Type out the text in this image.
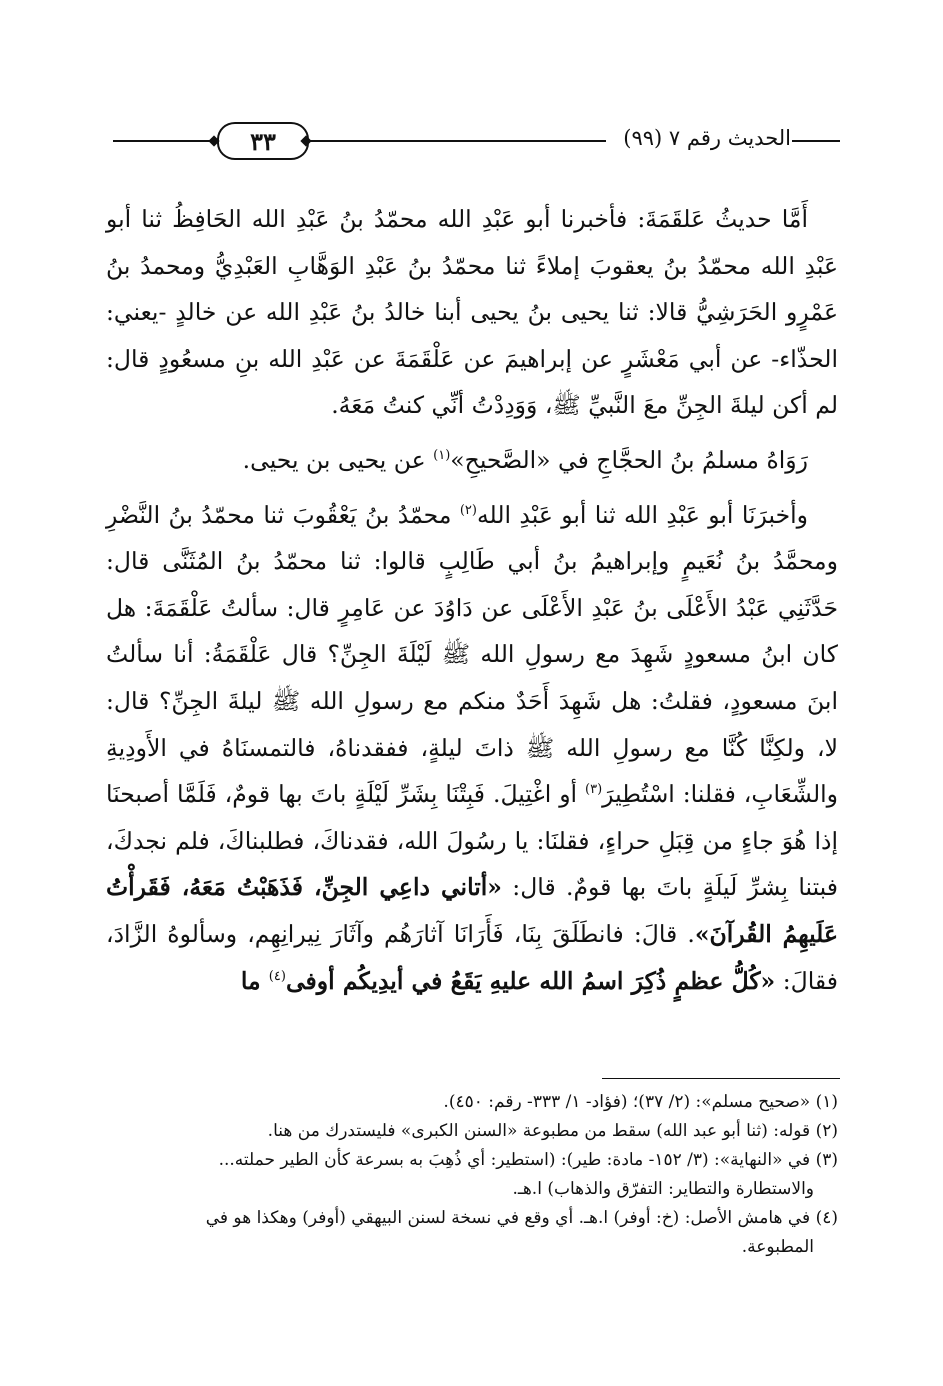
٣٣	الحديث رقم ٧ (٩٩)

أَمَّا حديثُ عَلقَمَةَ: فأخبرنا أبو عَبْدِ الله محمّدُ بنُ عَبْدِ الله الحَافِظُ ثنا أبو عَبْدِ الله محمّدُ بنُ يعقوبَ إملاءً ثنا محمّدُ بنُ عَبْدِ الوَهَّابِ العَبْدِيُّ ومحمدُ بنُ عَمْرٍو الحَرَشِيُّ قالا: ثنا يحيى بنُ يحيى أبنا خالدُ بنُ عَبْدِ الله عن خالدٍ -يعني: الحذّاء- عن أبي مَعْشَرٍ عن إبراهيمَ عن عَلْقَمَةَ عن عَبْدِ الله بنِ مسعُودٍ قال: لم أكن ليلةَ الجِنِّ معَ النَّبيِّ ﷺ، وَوَدِدْتُ أنِّي كنتُ مَعَهُ.

رَوَاهُ مسلمُ بنُ الحجَّاجِ في «الصَّحيحِ»$^{(١)}$ عن يحيى بن يحيى.

وأخبرَنَا أبو عَبْدِ الله ثنا أبو عَبْدِ الله$^{(٢)}$ محمّدُ بنُ يَعْقُوبَ ثنا محمّدُ بنُ النَّضْرِ ومحمَّدُ بنُ نُعَيمٍ وإبراهيمُ بنُ أبي طَالِبٍ قالوا: ثنا محمّدُ بنُ المُثَنَّى قال: حَدَّثَنِي عَبْدُ الأَعْلَى بنُ عَبْدِ الأَعْلَى عن دَاوُدَ عن عَامِرٍ قال: سألتُ عَلْقَمَةَ: هل كان ابنُ مسعودٍ شَهِدَ مع رسولِ الله ﷺ لَيْلَةَ الجِنِّ؟ قال عَلْقَمَةُ: أنا سألتُ ابنَ مسعودٍ، فقلتُ: هل شَهِدَ أَحَدٌ منكم مع رسولِ الله ﷺ ليلةَ الجِنِّ؟ قال: لا، ولكِنَّا كُنَّا مع رسولِ الله ﷺ ذاتَ ليلةٍ، ففقدناهُ، فالتمسنَاهُ في الأَودِيةِ والشِّعَابِ، فقلنا: اسْتُطِيرَ$^{(٣)}$ أو اغْتِيلَ. فَبِتْنَا بِشَرِّ لَيْلَةٍ باتَ بها قومٌ، فَلَمَّا أصبحنَا إذا هُوَ جاءٍ من قِبَلِ حراءٍ، فقلنَا: يا رسُولَ الله، فقدناكَ، فطلبناكَ، فلم نجدكَ، فبتنا بِشرِّ لَيلَةٍ باتَ بها قومٌ. قال: «أتاني داعِي الجِنِّ، فَذَهَبْتُ مَعَهُ، فَقَرأْتُ عَلَيهِمُ القُرآنَ». قالَ: فانطَلَقَ بِنَا، فَأَرَانَا آثارَهُم وآثَارَ نِيرانِهِم، وسألوهُ الزَّادَ، فقالَ: «كُلُّ عظمٍ ذُكِرَ اسمُ الله عليهِ يَقَعُ في أيدِيكُم أوفى$^{(٤)}$ ما

(١) «صحيح مسلم»: (٢/ ٣٧)؛ (فؤاد- ١/ ٣٣٣- رقم: ٤٥٠).

(٢) قوله: (ثنا أبو عبد الله) سقط من مطبوعة «السنن الكبرى» فليستدرك من هنا.

(٣) في «النهاية»: (٣/ ١٥٢- مادة: طير): (استطير: أي ذُهِبَ به بسرعة كأن الطير حملته...

والاستطارة والتطاير: التفرّق والذهاب) ا.هـ.

(٤) في هامش الأصل: (خ: أوفر) ا.هـ. أي وقع في نسخة لسنن البيهقي (أوفر) وهكذا هو في

المطبوعة.
